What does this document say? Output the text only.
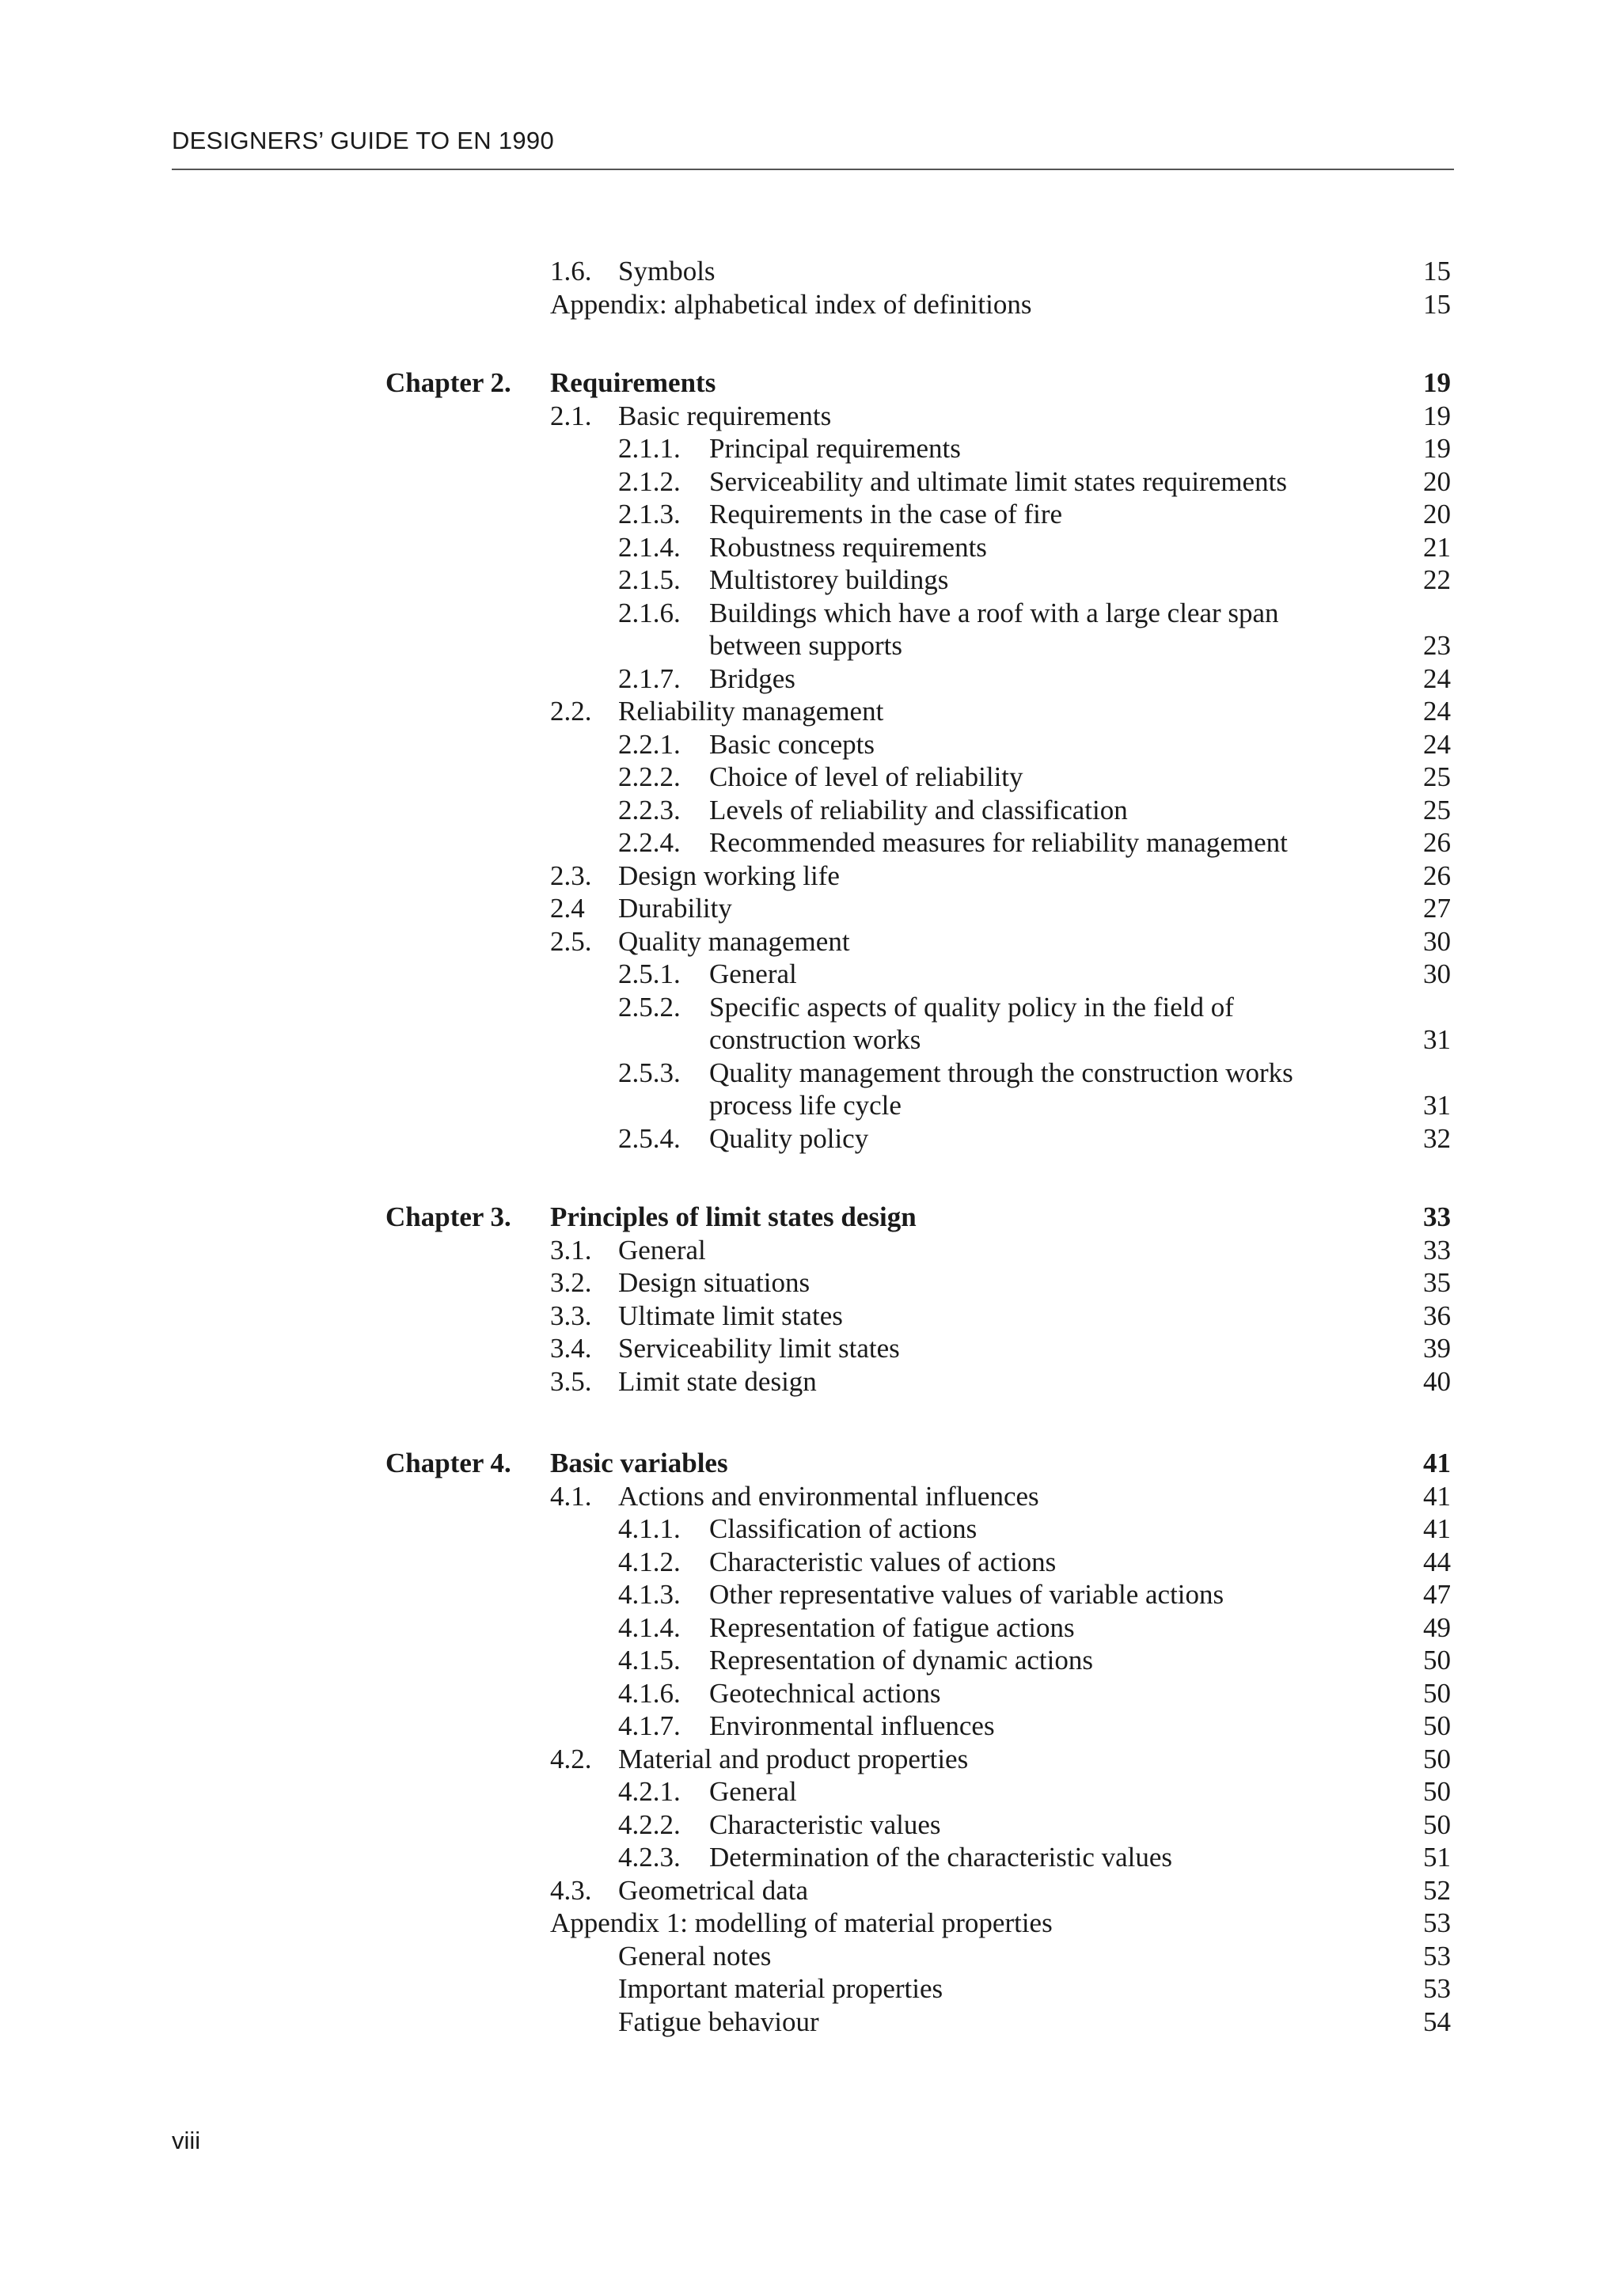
DESIGNERS’ GUIDE TO EN 1990
1.6. Symbols	15
Appendix: alphabetical index of definitions	15
Chapter 2. Requirements	19
2.1. Basic requirements	19
2.1.1. Principal requirements	19
2.1.2. Serviceability and ultimate limit states requirements	20
2.1.3. Requirements in the case of fire	20
2.1.4. Robustness requirements	21
2.1.5. Multistorey buildings	22
2.1.6. Buildings which have a roof with a large clear span
between supports	23
2.1.7. Bridges	24
2.2. Reliability management	24
2.2.1. Basic concepts	24
2.2.2. Choice of level of reliability	25
2.2.3. Levels of reliability and classification	25
2.2.4. Recommended measures for reliability management	26
2.3. Design working life	26
2.4 Durability	27
2.5. Quality management	30
2.5.1. General	30
2.5.2. Specific aspects of quality policy in the field of
construction works	31
2.5.3. Quality management through the construction works
process life cycle	31
2.5.4. Quality policy	32
Chapter 3. Principles of limit states design	33
3.1. General	33
3.2. Design situations	35
3.3. Ultimate limit states	36
3.4. Serviceability limit states	39
3.5. Limit state design	40
Chapter 4. Basic variables	41
4.1. Actions and environmental influences	41
4.1.1. Classification of actions	41
4.1.2. Characteristic values of actions	44
4.1.3. Other representative values of variable actions	47
4.1.4. Representation of fatigue actions	49
4.1.5. Representation of dynamic actions	50
4.1.6. Geotechnical actions	50
4.1.7. Environmental influences	50
4.2. Material and product properties	50
4.2.1. General	50
4.2.2. Characteristic values	50
4.2.3. Determination of the characteristic values	51
4.3. Geometrical data	52
Appendix 1: modelling of material properties	53
General notes	53
Important material properties	53
Fatigue behaviour	54
viii
